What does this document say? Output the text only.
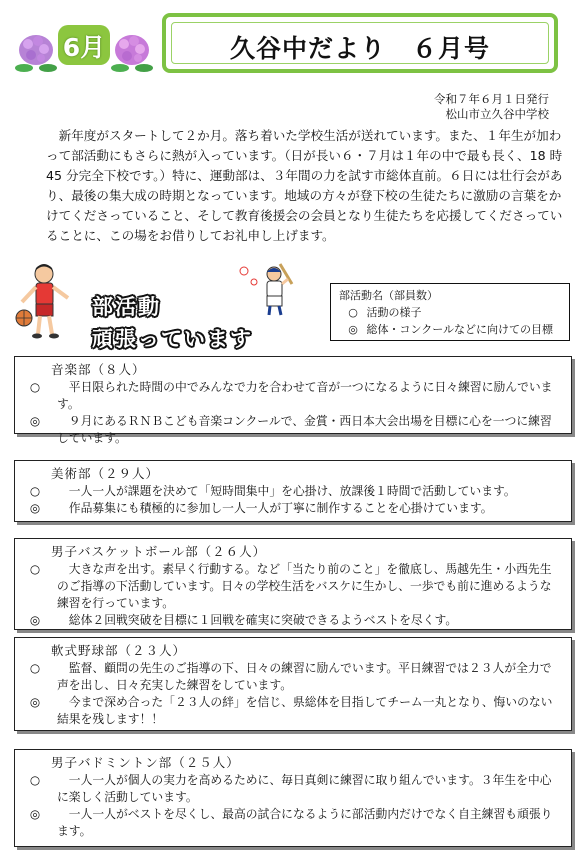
6月	久谷中だより　６月号
令和７年６月１日発行
松山市立久谷中学校
新年度がスタートして２か月。落ち着いた学校生活が送れています。また、１年生が加わって部活動にもさらに熱が入っています。（日が長い６・７月は１年の中で最も長く、18 時 45 分完全下校です。）特に、運動部は、３年間の力を試す市総体直前。６日には壮行会があり、最後の集大成の時期となっています。地域の方々が登下校の生徒たちに激励の言葉をかけてくださっていること、そして教育後援会の会員となり生徒たちを応援してくださっていることに、この場をお借りしてお礼申し上げます。
部活動
頑張っています
部活動名（部員数）
○ 活動の様子
◎ 総体・コンクールなどに向けての目標
音楽部（８人）
○	平日限られた時間の中でみんなで力を合わせて音が一つになるように日々練習に励んでいます。
◎	９月にあるＲＮＢこども音楽コンクールで、金賞・西日本大会出場を目標に心を一つに練習しています。
美術部（２９人）
○	一人一人が課題を決めて「短時間集中」を心掛け、放課後１時間で活動しています。
◎	作品募集にも積極的に参加し一人一人が丁寧に制作することを心掛けています。
男子バスケットボール部（２６人）
○	大きな声を出す。素早く行動する。など「当たり前のこと」を徹底し、馬越先生・小西先生のご指導の下活動しています。日々の学校生活をバスケに生かし、一歩でも前に進めるような練習を行っています。
◎	総体２回戦突破を目標に１回戦を確実に突破できるようベストを尽くす。
軟式野球部（２３人）
○	監督、顧問の先生のご指導の下、日々の練習に励んでいます。平日練習では２３人が全力で声を出し、日々充実した練習をしています。
◎	今まで深め合った「２３人の絆」を信じ、県総体を目指してチーム一丸となり、悔いのない結果を残します！！
男子バドミントン部（２５人）
○	一人一人が個人の実力を高めるために、毎日真剣に練習に取り組んでいます。３年生を中心に楽しく活動しています。
◎	一人一人がベストを尽くし、最高の試合になるように部活動内だけでなく自主練習も頑張ります。
